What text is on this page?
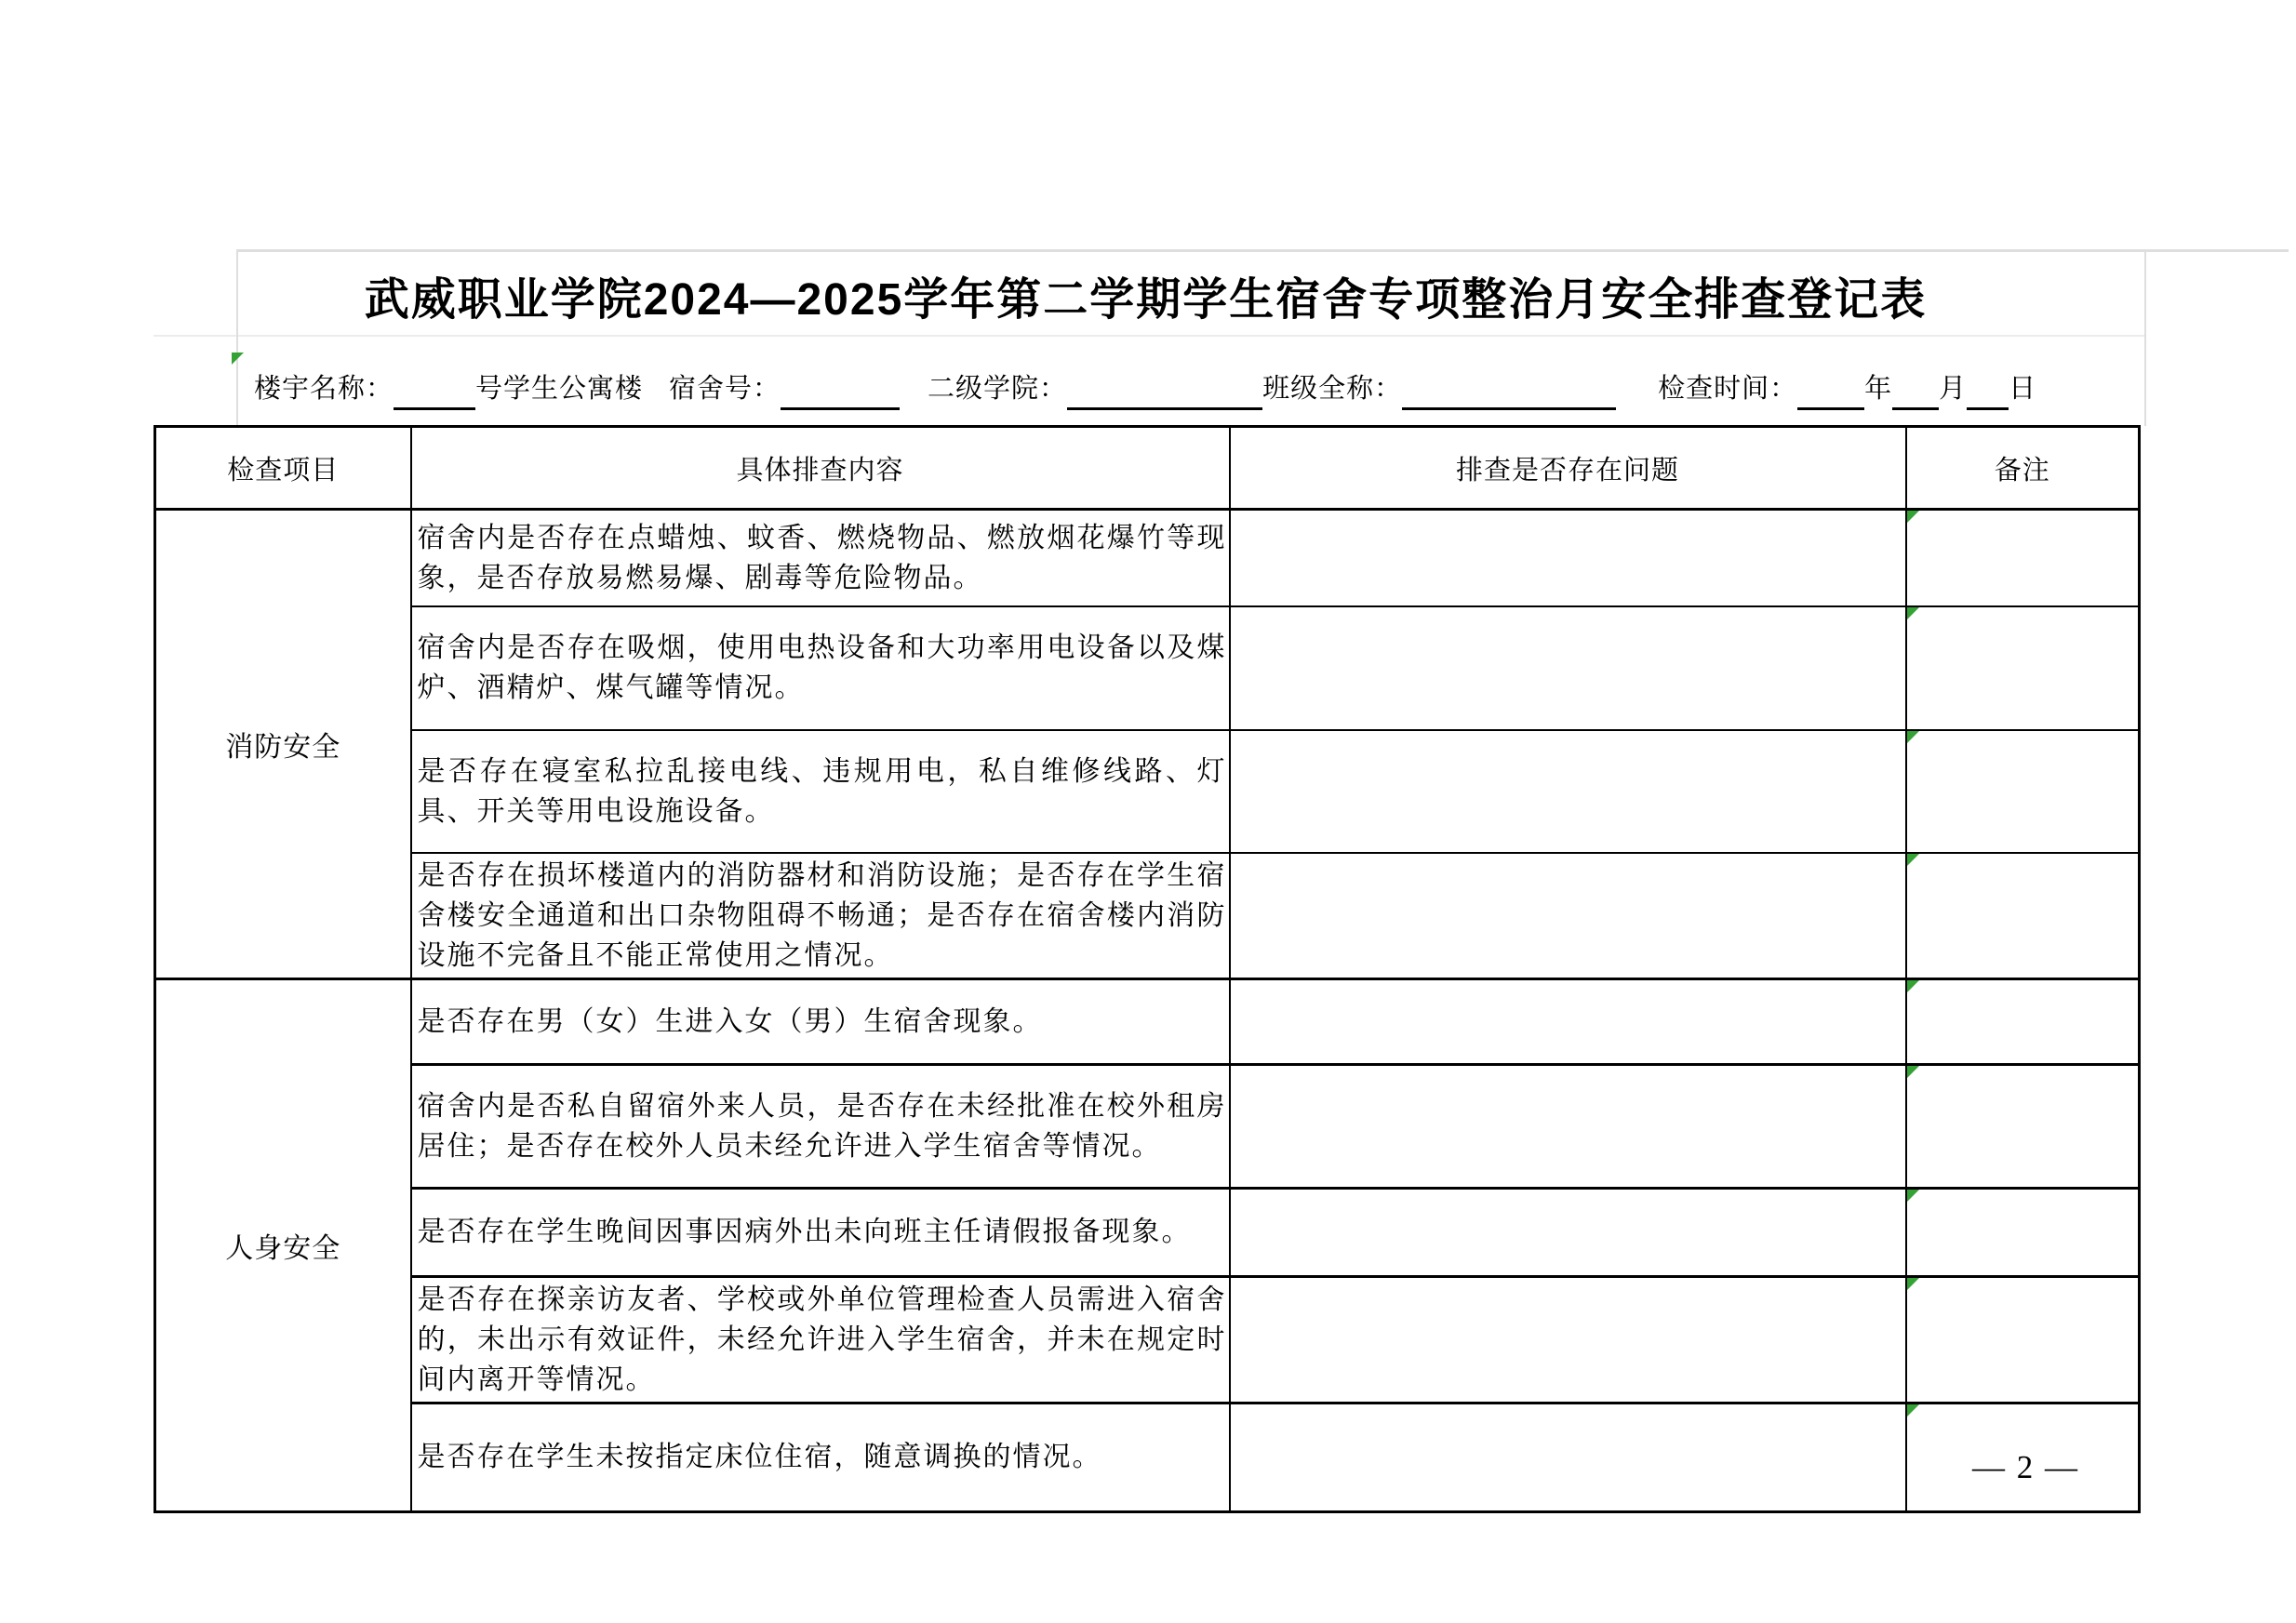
武威职业学院2024—2025学年第二学期学生宿舍专项整治月安全排查登记表
楼宇名称：	号学生公寓楼 宿舍号：	二级学院：	班级全称：	检查时间： 年 月 日
检查项目	具体排查内容	排查是否存在问题	备注
消防安全	宿舍内是否存在点蜡烛、蚊香、燃烧物品、燃放烟花爆竹等现象，是否存放易燃易爆、剧毒等危险物品。		

	宿舍内是否存在吸烟，使用电热设备和大功率用电设备以及煤炉、酒精炉、煤气罐等情况。		

	是否存在寝室私拉乱接电线、违规用电，私自维修线路、灯具、开关等用电设施设备。		

	是否存在损坏楼道内的消防器材和消防设施；是否存在学生宿舍楼安全通道和出口杂物阻碍不畅通；是否存在宿舍楼内消防设施不完备且不能正常使用之情况。		

人身安全	是否存在男（女）生进入女（男）生宿舍现象。		

	宿舍内是否私自留宿外来人员，是否存在未经批准在校外租房居住；是否存在校外人员未经允许进入学生宿舍等情况。		

	是否存在学生晚间因事因病外出未向班主任请假报备现象。		

	是否存在探亲访友者、学校或外单位管理检查人员需进入宿舍的，未出示有效证件，未经允许进入学生宿舍，并未在规定时间内离开等情况。		

	是否存在学生未按指定床位住宿，随意调换的情况。			— 2 —
